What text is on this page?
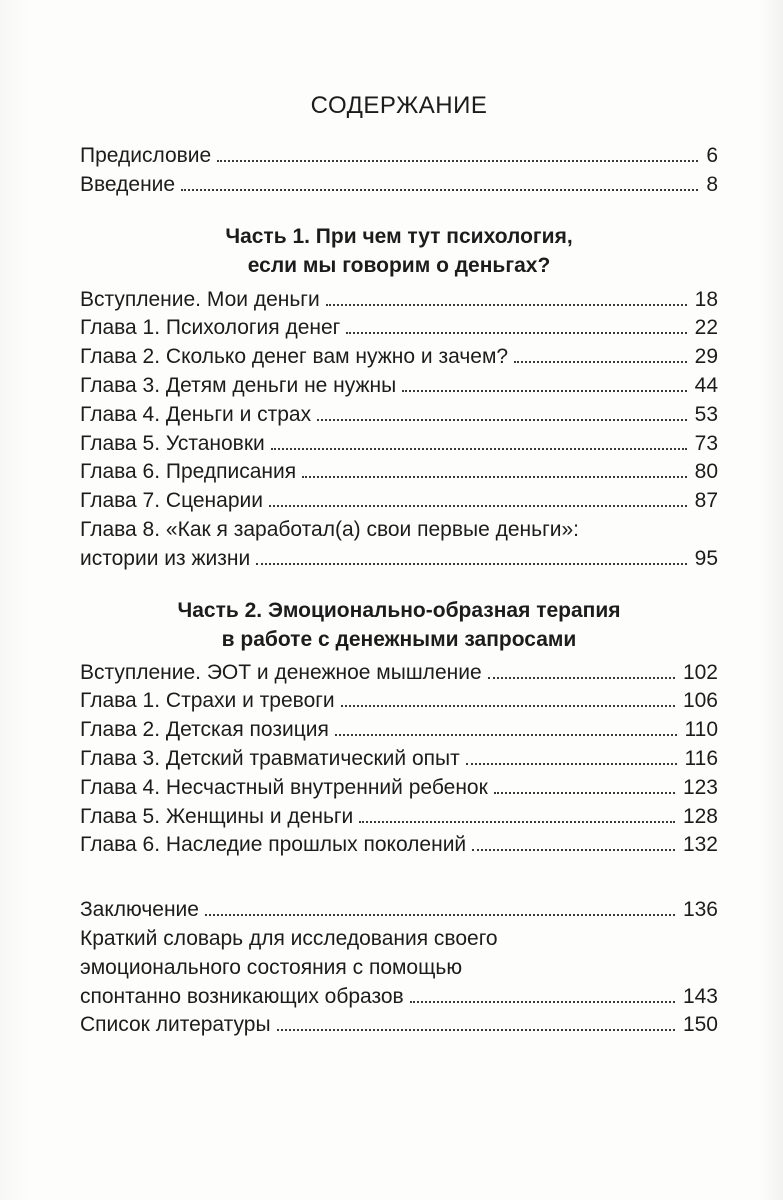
СОДЕРЖАНИЕ
Предисловие	6
Введение	8
Часть 1. При чем тут психология,
если мы говорим о деньгах?
Вступление. Мои деньги	18
Глава 1. Психология денег	22
Глава 2. Сколько денег вам нужно и зачем?	29
Глава 3. Детям деньги не нужны	44
Глава 4. Деньги и страх	53
Глава 5. Установки	73
Глава 6. Предписания	80
Глава 7. Сценарии	87
Глава 8. «Как я заработал(а) свои первые деньги»:
истории из жизни	95
Часть 2. Эмоционально-образная терапия
в работе с денежными запросами
Вступление. ЭОТ и денежное мышление	102
Глава 1. Страхи и тревоги	106
Глава 2. Детская позиция	110
Глава 3. Детский травматический опыт	116
Глава 4. Несчастный внутренний ребенок	123
Глава 5. Женщины и деньги	128
Глава 6. Наследие прошлых поколений	132
Заключение	136
Краткий словарь для исследования своего
эмоционального состояния с помощью
спонтанно возникающих образов	143
Список литературы	150
